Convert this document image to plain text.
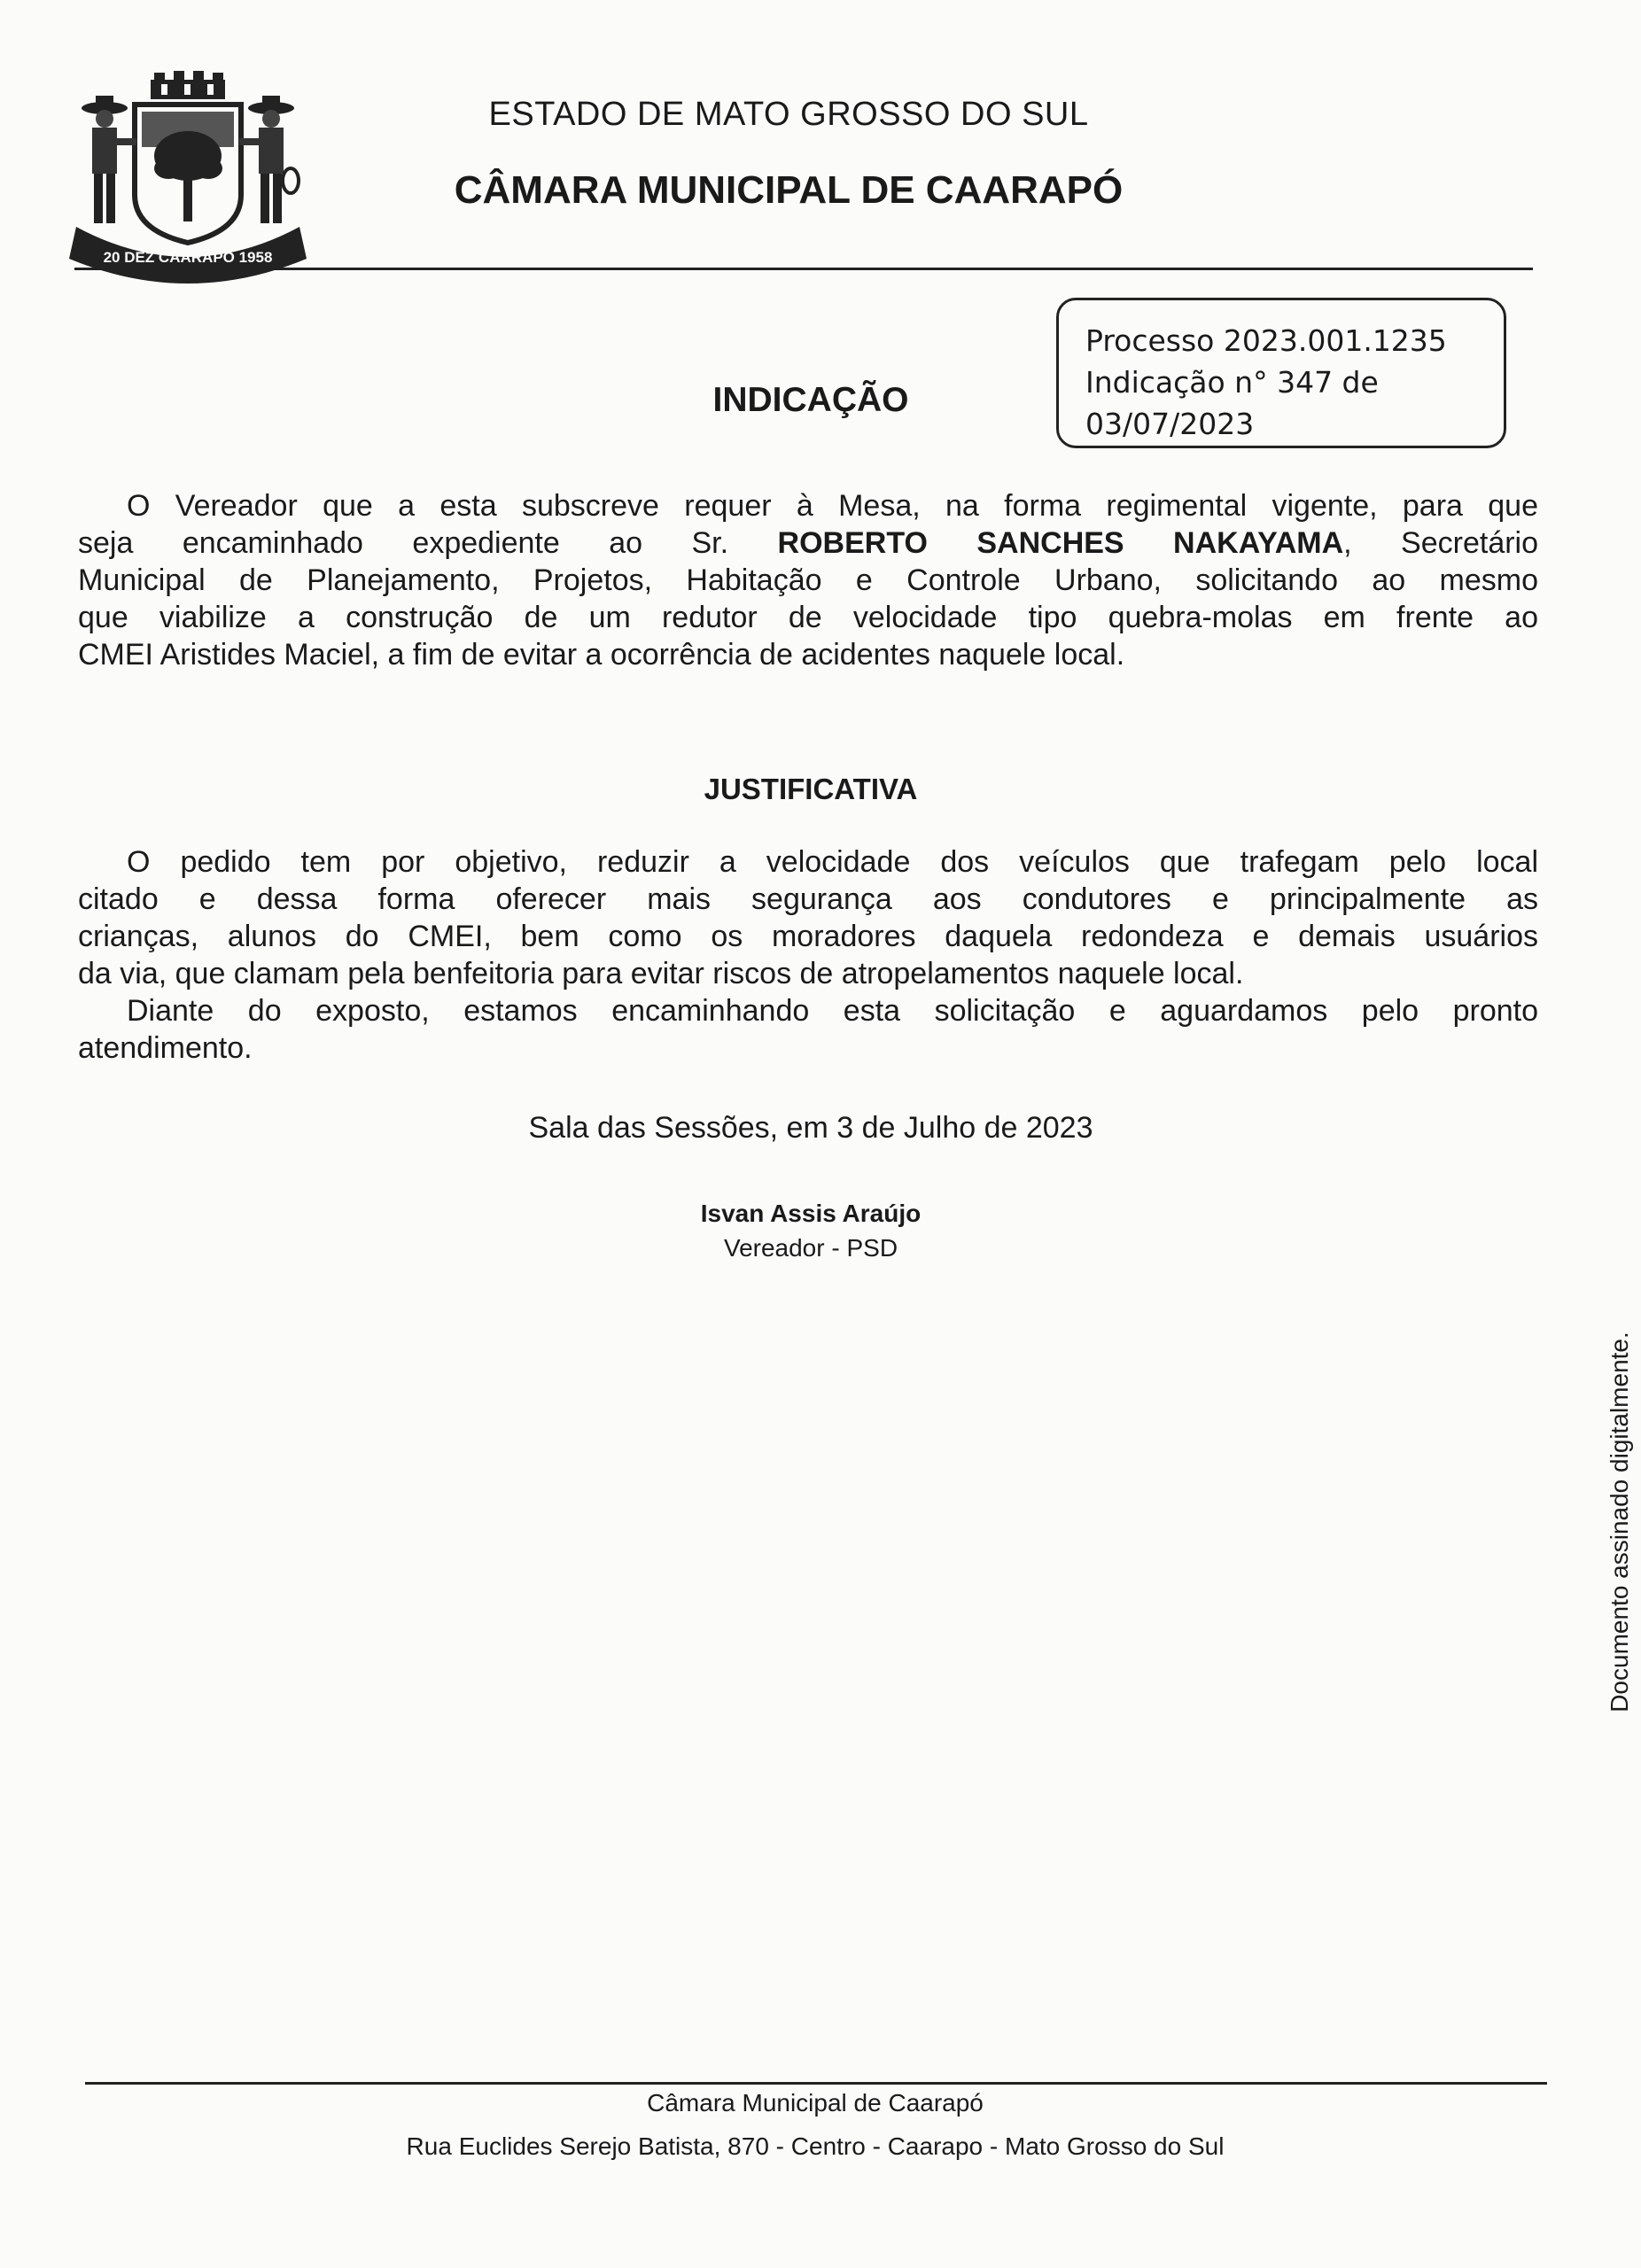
20 DEZ CAARAPÓ 1958
ESTADO DE MATO GROSSO DO SUL
CÂMARA MUNICIPAL DE CAARAPÓ
Processo 2023.001.1235
Indicação n° 347 de
03/07/2023
INDICAÇÃO
O Vereador que a esta subscreve requer à Mesa, na forma regimental vigente, para que
seja encaminhado expediente ao Sr. ROBERTO SANCHES NAKAYAMA, Secretário
Municipal de Planejamento, Projetos, Habitação e Controle Urbano, solicitando ao mesmo
que viabilize a construção de um redutor de velocidade tipo quebra-molas em frente ao
CMEI Aristides Maciel, a fim de evitar a ocorrência de acidentes naquele local.
JUSTIFICATIVA
O pedido tem por objetivo, reduzir a velocidade dos veículos que trafegam pelo local
citado e dessa forma oferecer mais segurança aos condutores e principalmente as
crianças, alunos do CMEI, bem como os moradores daquela redondeza e demais usuários
da via, que clamam pela benfeitoria para evitar riscos de atropelamentos naquele local.
Diante do exposto, estamos encaminhando esta solicitação e aguardamos pelo pronto
atendimento.
Sala das Sessões, em 3 de Julho de 2023
Isvan Assis Araújo
Vereador - PSD
Documento assinado digitalmente.
Câmara Municipal de Caarapó
Rua Euclides Serejo Batista, 870 - Centro - Caarapo - Mato Grosso do Sul
